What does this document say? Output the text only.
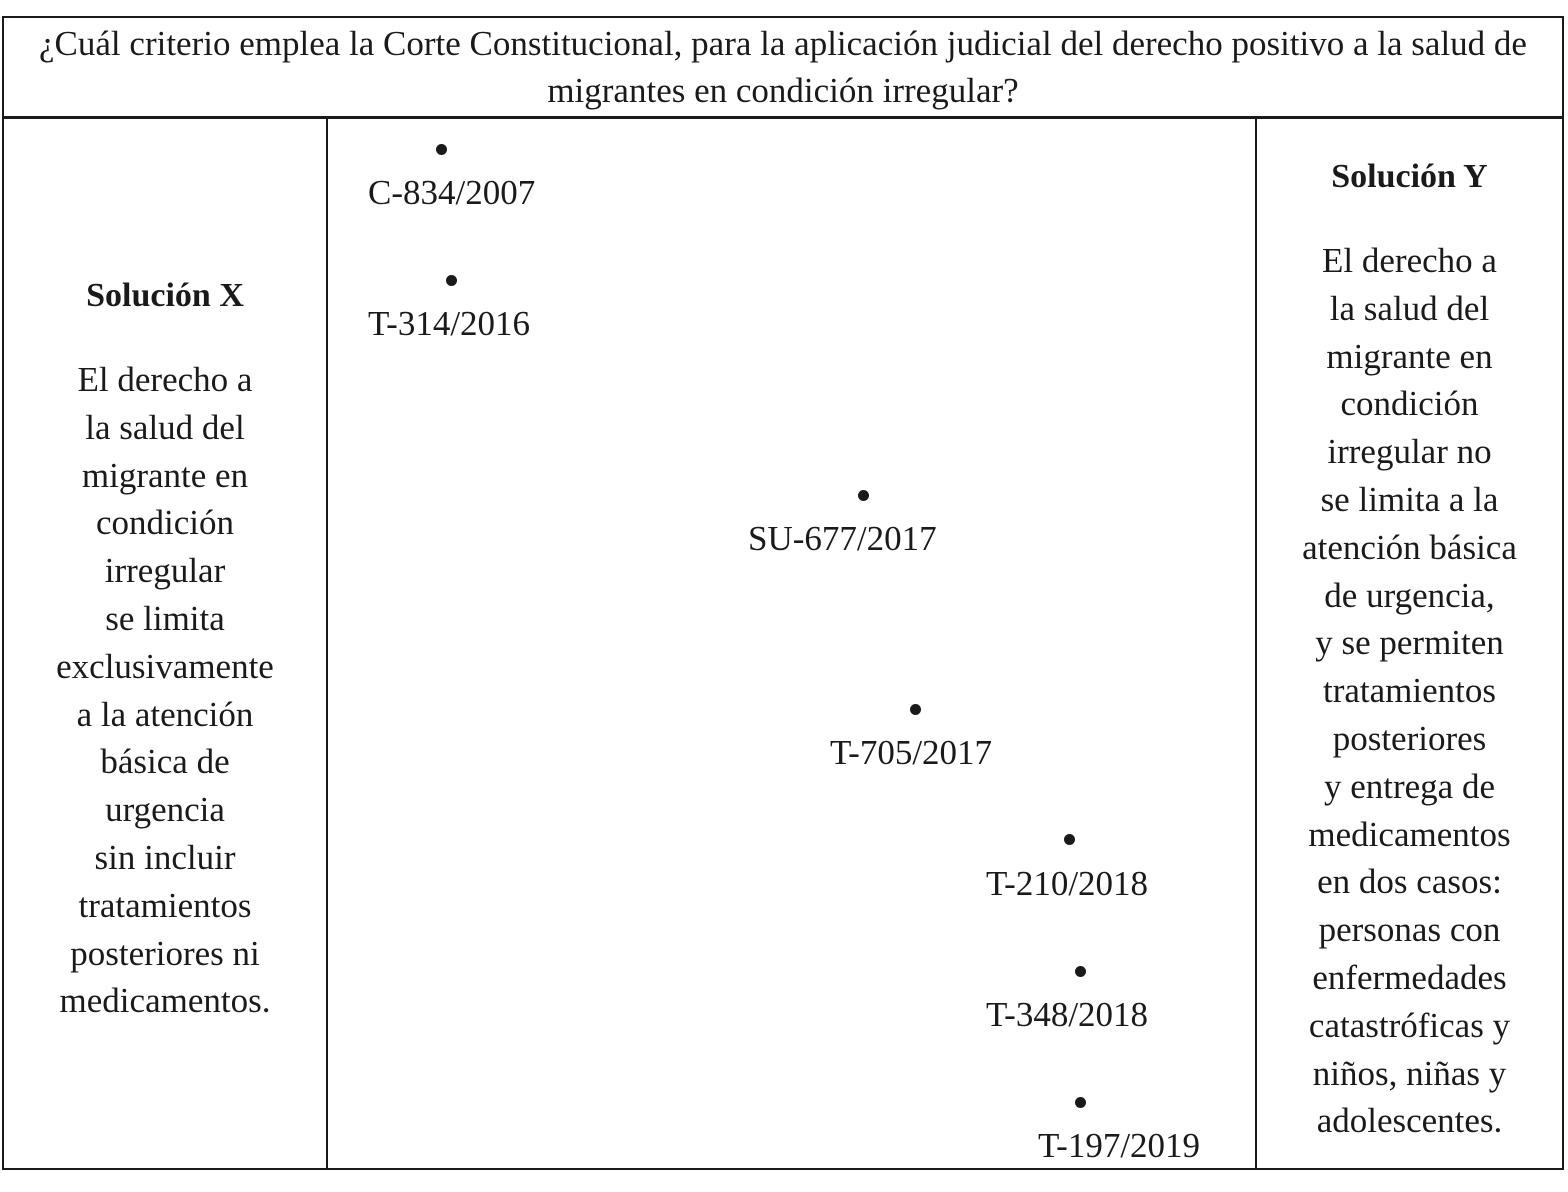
¿Cuál criterio emplea la Corte Constitucional, para la aplicación judicial del derecho positivo a la salud de migrantes en condición irregular?

Solución X

El derecho a
la salud del
migrante en
condición
irregular
se limita
exclusivamente
a la atención
básica de
urgencia
sin incluir
tratamientos
posteriores ni
medicamentos.

C-834/2007
T-314/2016
SU-677/2017
T-705/2017
T-210/2018
T-348/2018
T-197/2019

Solución Y

El derecho a
la salud del
migrante en
condición
irregular no
se limita a la
atención básica
de urgencia,
y se permiten
tratamientos
posteriores
y entrega de
medicamentos
en dos casos:
personas con
enfermedades
catastróficas y
niños, niñas y
adolescentes.
